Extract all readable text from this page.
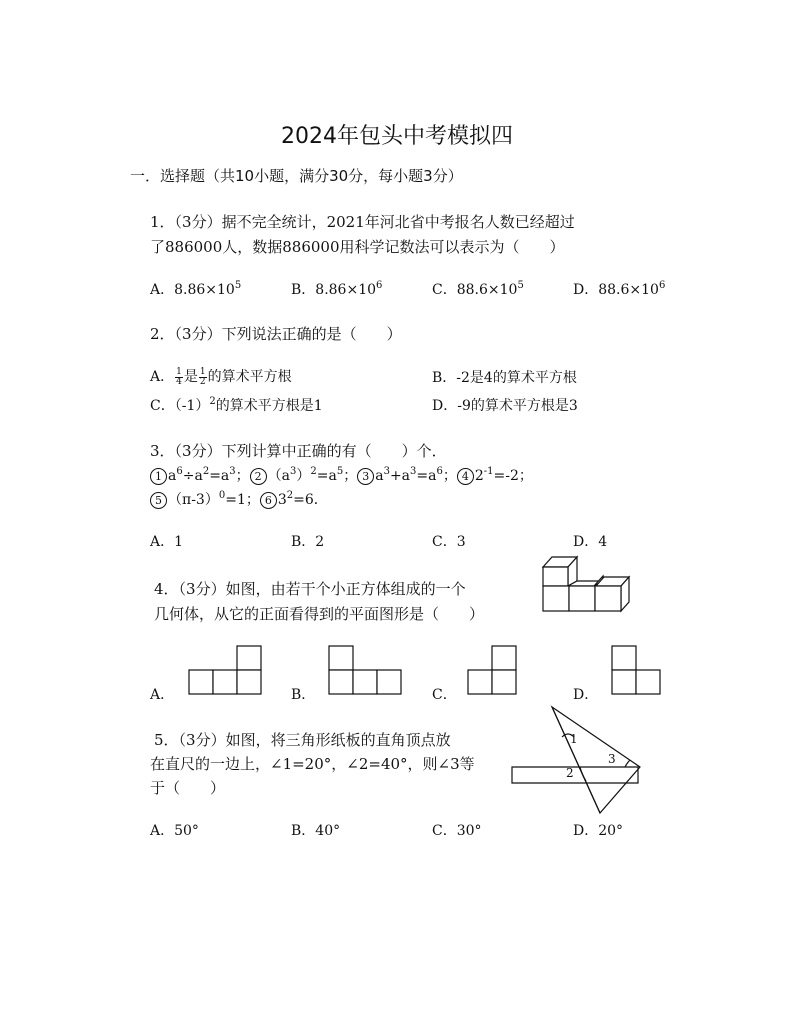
2024年包头中考模拟四
一．选择题（共10小题，满分30分，每小题3分）
1．（3分）据不完全统计，2021年河北省中考报名人数已经超过
了886000人，数据886000用科学记数法可以表示为（　　）
A．$8.86\times 10^5$	B．$8.86\times 10^6$	C．$88.6\times 10^5$	D．$88.6\times 10^6$
2．（3分）下列说法正确的是（　　）
A． $\frac{1}{4}$ 是 $\frac{1}{2}$ 的算术平方根	B．-2是4的算术平方根
C．$(-1)^2$的算术平方根是1	D．-9的算术平方根是3
3．（3分）下列计算中正确的有（　　）个．
1 $a^6\div a^2=a^3$； 2 $(a^3)^2=a^5$； 3 $a^3+a^3=a^6$； 4 $2^{-1}=-2$；
5 $(\pi-3)^0=1$； 6 $3^2=6$．
A．1	B．2	C．3	D．4
4．（3分）如图，由若干个小正方体组成的一个
几何体，从它的正面看得到的平面图形是（　　）
A．	B．	C．	D．
5．（3分）如图，将三角形纸板的直角顶点放
在直尺的一边上，∠1=20°，∠2=40°，则∠3等
于（　　）
1
2
3
A．50°	B．40°	C．30°	D．20°
